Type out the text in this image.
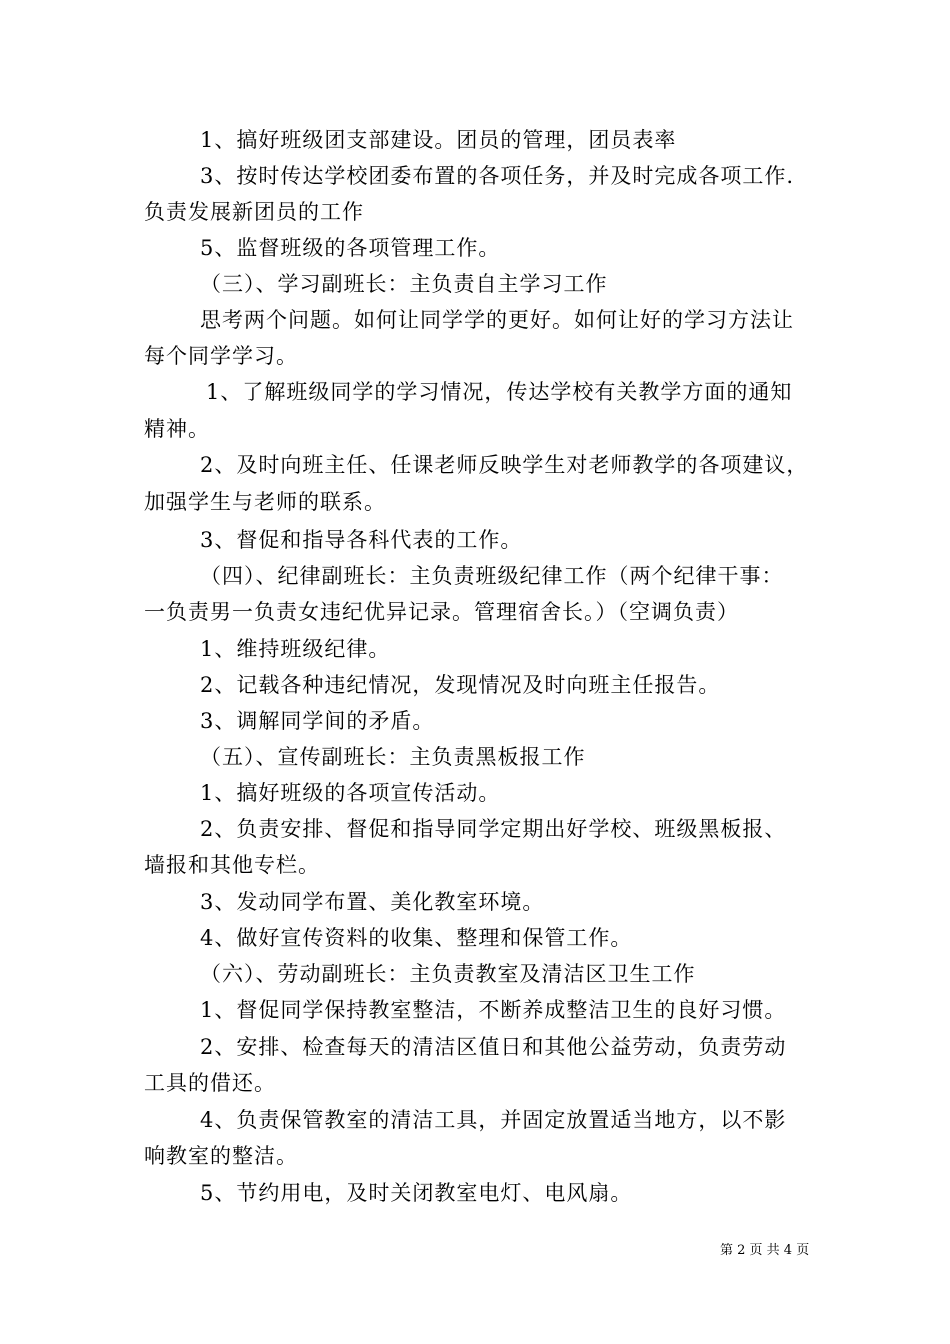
1、搞好班级团支部建设。团员的管理，团员表率
3、按时传达学校团委布置的各项任务，并及时完成各项工作.
负责发展新团员的工作
5、监督班级的各项管理工作。
（三）、学习副班长：主负责自主学习工作
思考两个问题。如何让同学学的更好。如何让好的学习方法让
每个同学学习。
1、了解班级同学的学习情况，传达学校有关教学方面的通知
精神。
2、及时向班主任、任课老师反映学生对老师教学的各项建议，
加强学生与老师的联系。
3、督促和指导各科代表的工作。
（四）、纪律副班长：主负责班级纪律工作（两个纪律干事：
一负责男一负责女违纪优异记录。管理宿舍长。）（空调负责）
1、维持班级纪律。
2、记载各种违纪情况，发现情况及时向班主任报告。
3、调解同学间的矛盾。
（五）、宣传副班长：主负责黑板报工作
1、搞好班级的各项宣传活动。
2、负责安排、督促和指导同学定期出好学校、班级黑板报、
墙报和其他专栏。
3、发动同学布置、美化教室环境。
4、做好宣传资料的收集、整理和保管工作。
（六）、劳动副班长：主负责教室及清洁区卫生工作
1、督促同学保持教室整洁，不断养成整洁卫生的良好习惯。
2、安排、检查每天的清洁区值日和其他公益劳动，负责劳动
工具的借还。
4、负责保管教室的清洁工具，并固定放置适当地方，以不影
响教室的整洁。
5、节约用电，及时关闭教室电灯、电风扇。
第 2 页 共 4 页
